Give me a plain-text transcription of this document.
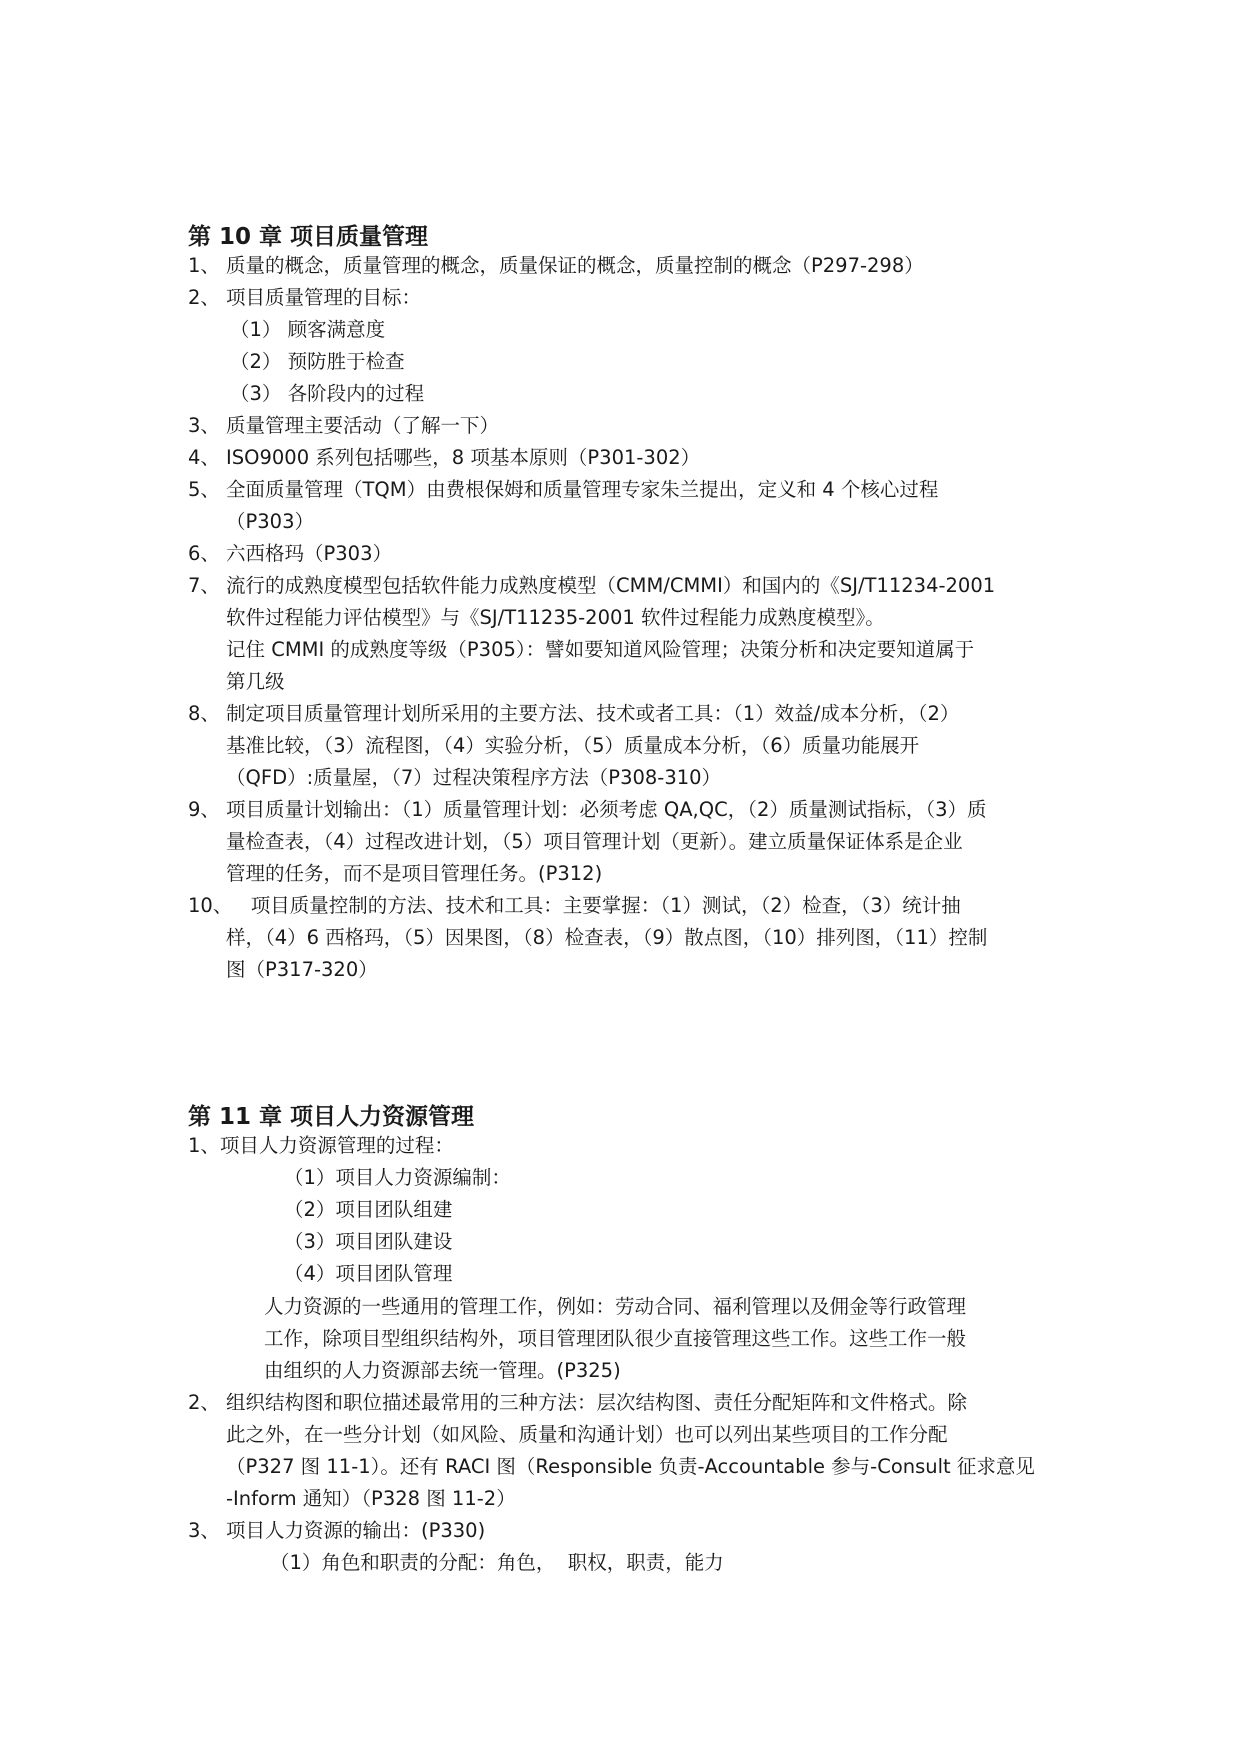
第 10 章 项目质量管理
1、 质量的概念，质量管理的概念，质量保证的概念，质量控制的概念（P297-298）
2、 项目质量管理的目标：
（1） 顾客满意度
（2） 预防胜于检查
（3） 各阶段内的过程
3、 质量管理主要活动（了解一下）
4、 ISO9000 系列包括哪些，8 项基本原则（P301-302）
5、 全面质量管理（TQM）由费根保姆和质量管理专家朱兰提出，定义和 4 个核心过程
（P303）
6、 六西格玛（P303）
7、 流行的成熟度模型包括软件能力成熟度模型（CMM/CMMI）和国内的《SJ/T11234-2001
软件过程能力评估模型》与《SJ/T11235-2001 软件过程能力成熟度模型》。
记住 CMMI 的成熟度等级（P305）：譬如要知道风险管理；决策分析和决定要知道属于
第几级
8、 制定项目质量管理计划所采用的主要方法、技术或者工具：（1）效益/成本分析，（2）
基准比较，（3）流程图，（4）实验分析，（5）质量成本分析，（6）质量功能展开
（QFD）:质量屋，（7）过程决策程序方法（P308-310）
9、 项目质量计划输出：（1）质量管理计划：必须考虑 QA,QC，（2）质量测试指标，（3）质
量检查表，（4）过程改进计划，（5）项目管理计划（更新）。建立质量保证体系是企业
管理的任务，而不是项目管理任务。(P312)
10、
项目质量控制的方法、技术和工具：主要掌握：（1）测试，（2）检查，（3）统计抽
样，（4）6 西格玛，（5）因果图，（8）检查表，（9）散点图，（10）排列图，（11）控制
图（P317-320）
第 11 章 项目人力资源管理
1、项目人力资源管理的过程：
（1）项目人力资源编制：
（2）项目团队组建
（3）项目团队建设
（4）项目团队管理
人力资源的一些通用的管理工作，例如：劳动合同、福利管理以及佣金等行政管理
工作，除项目型组织结构外，项目管理团队很少直接管理这些工作。这些工作一般
由组织的人力资源部去统一管理。(P325)
2、 组织结构图和职位描述最常用的三种方法：层次结构图、责任分配矩阵和文件格式。除
此之外，在一些分计划（如风险、质量和沟通计划）也可以列出某些项目的工作分配
（P327 图 11-1）。还有 RACI 图（Responsible 负责-Accountable 参与-Consult 征求意见
-Inform 通知）（P328 图 11-2）
3、 项目人力资源的输出：(P330)
（1）角色和职责的分配：角色，  职权，职责，能力
